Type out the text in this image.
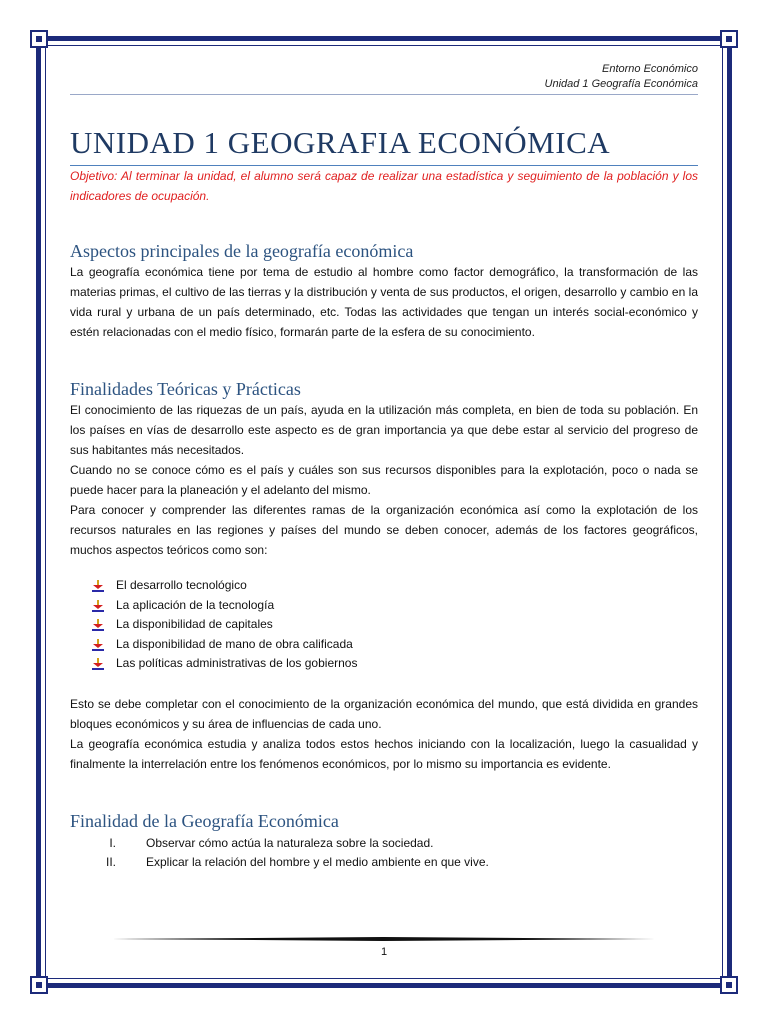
Entorno Económico
Unidad 1 Geografía Económica
UNIDAD 1 GEOGRAFIA ECONÓMICA

Objetivo: Al terminar la unidad, el alumno será capaz de realizar una estadística y seguimiento de la población y los indicadores de ocupación.

Aspectos principales de la geografía económica

La geografía económica tiene por tema de estudio al hombre como factor demográfico, la transformación de las materias primas, el cultivo de las tierras y la distribución y venta de sus productos, el origen, desarrollo y cambio en la vida rural y urbana de un país determinado, etc. Todas las actividades que tengan un interés social-económico y estén relacionadas con el medio físico, formarán parte de la esfera de su conocimiento.

Finalidades Teóricas y Prácticas

El conocimiento de las riquezas de un país, ayuda en la utilización más completa, en bien de toda su población. En los países en vías de desarrollo este aspecto es de gran importancia ya que debe estar al servicio del progreso de sus habitantes más necesitados.

Cuando no se conoce cómo es el país y cuáles son sus recursos disponibles para la explotación, poco o nada se puede hacer para la planeación y el adelanto del mismo.

Para conocer y comprender las diferentes ramas de la organización económica así como la explotación de los recursos naturales en las regiones y países del mundo se deben conocer, además de los factores geográficos, muchos aspectos teóricos como son:

El desarrollo tecnológico
La aplicación de la tecnología
La disponibilidad de capitales
La disponibilidad de mano de obra calificada
Las políticas administrativas de los gobiernos

Esto se debe completar con el conocimiento de la organización económica del mundo, que está dividida en grandes bloques económicos y su área de influencias de cada uno.

La geografía económica estudia y analiza todos estos hechos iniciando con la localización, luego la casualidad y finalmente la interrelación entre los fenómenos económicos, por lo mismo su importancia es evidente.

Finalidad de la Geografía Económica
I.	Observar cómo actúa la naturaleza sobre la sociedad.
II.	Explicar la relación del hombre y el medio ambiente en que vive.
1
